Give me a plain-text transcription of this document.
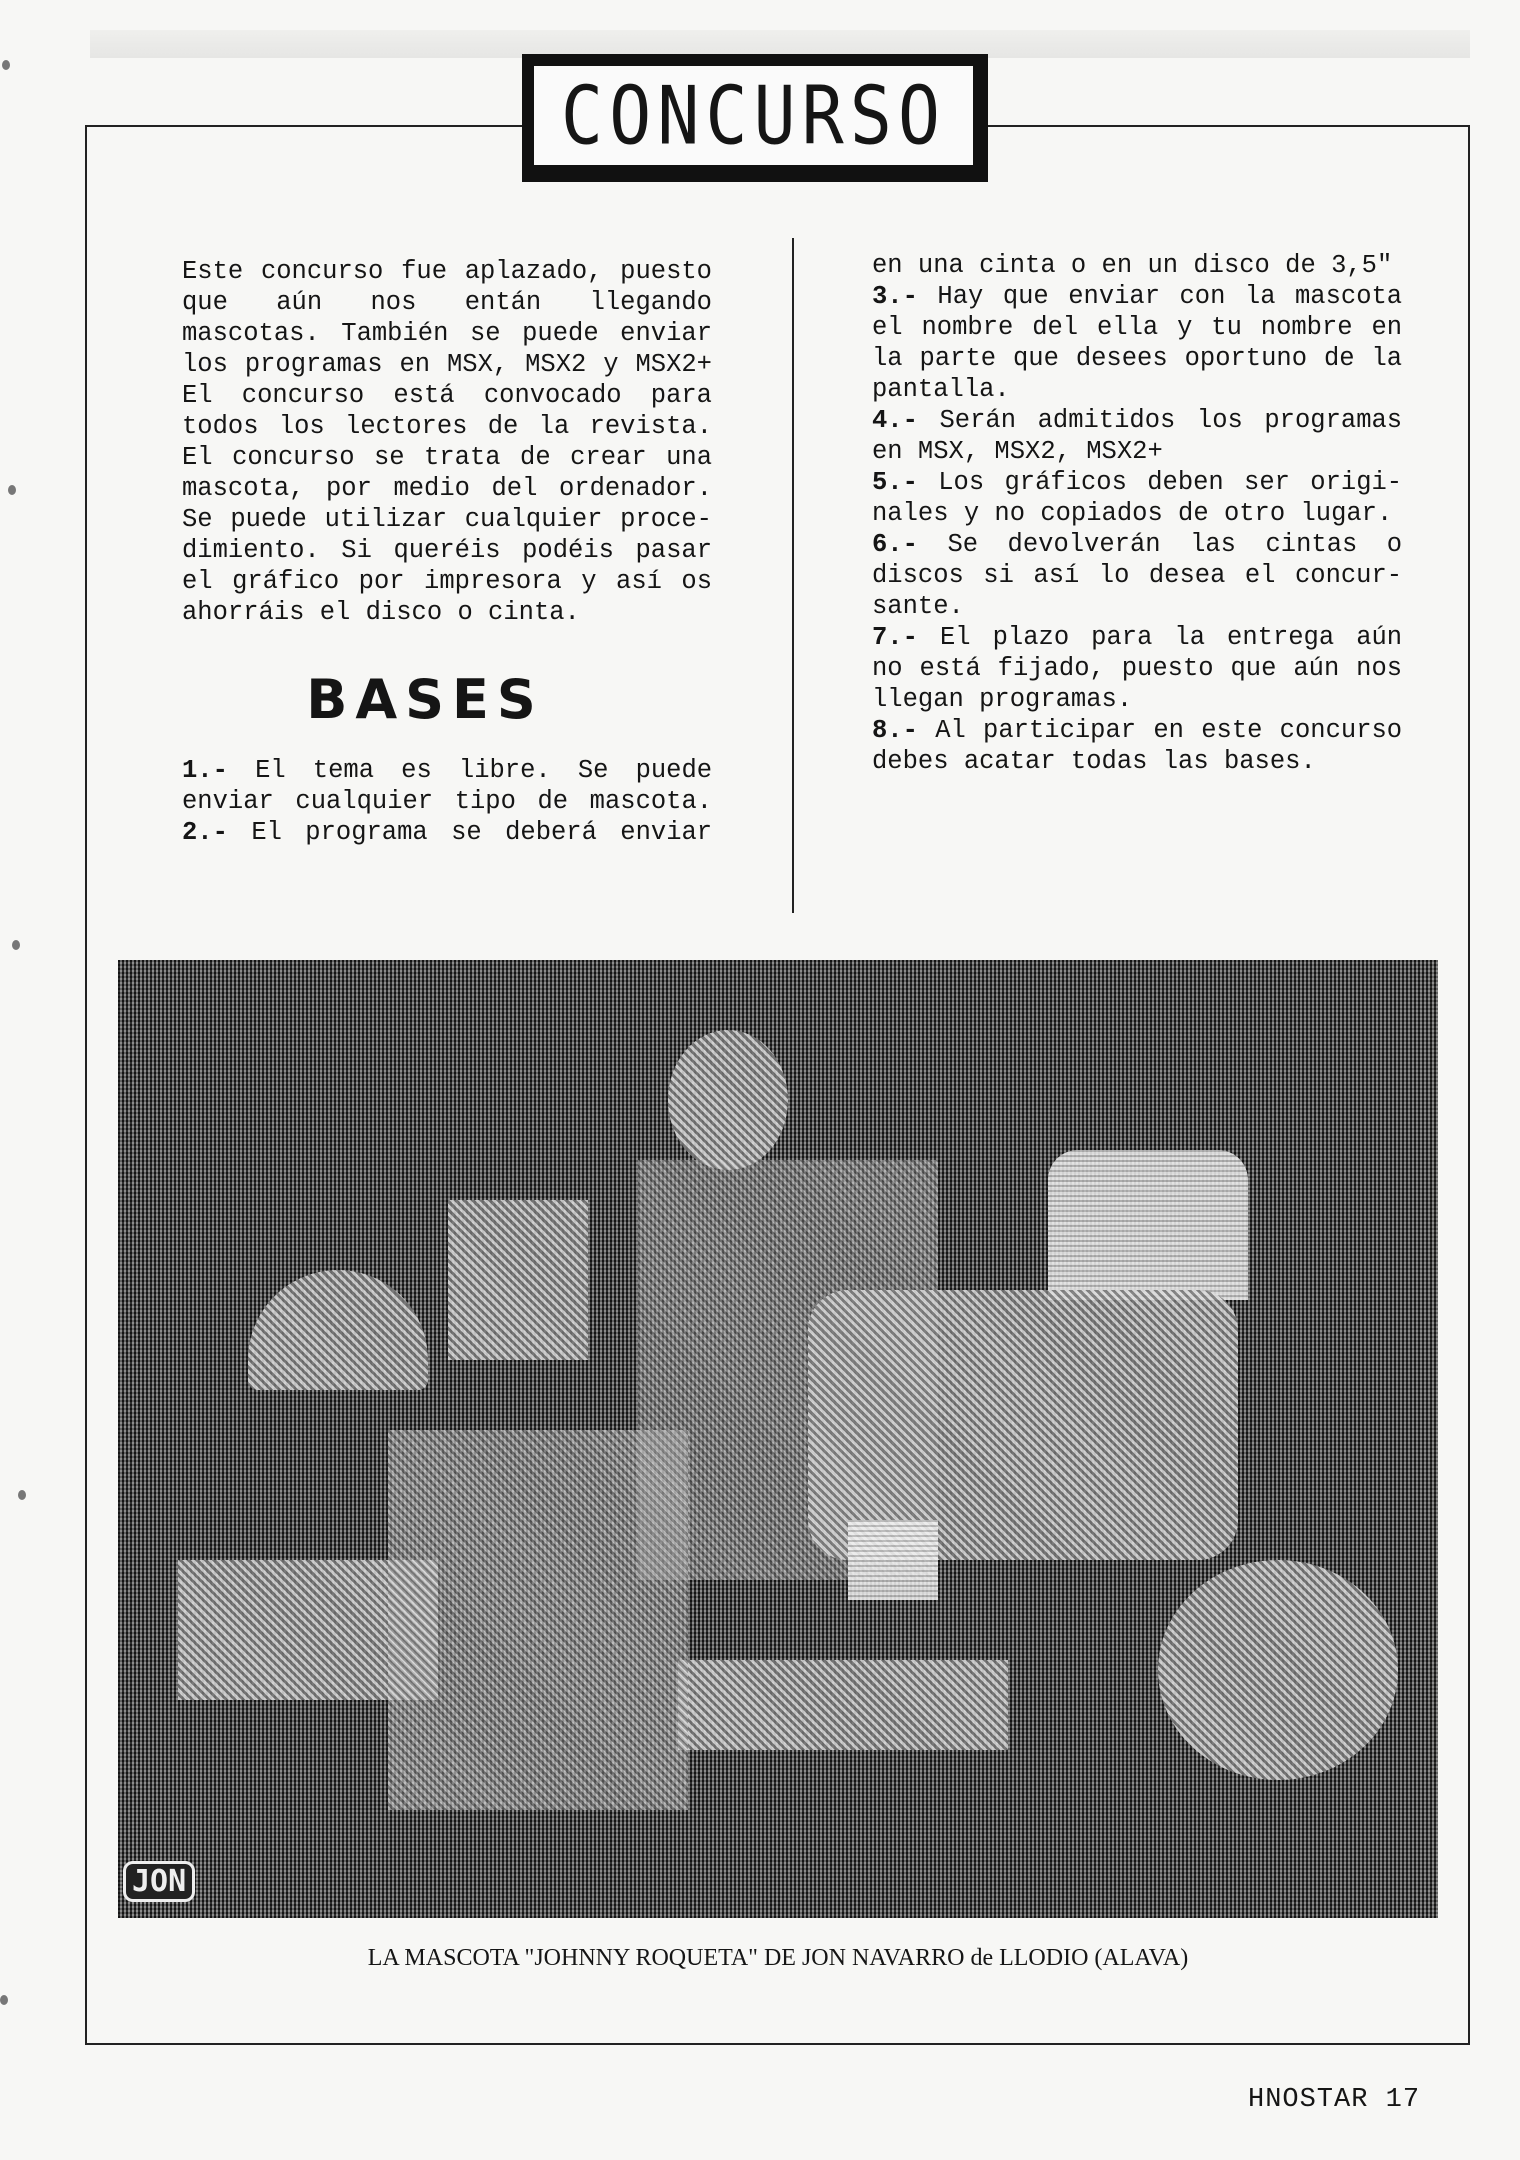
CONCURSO
Este concurso fue aplazado, puesto
que aún nos entán llegando
mascotas. También se puede enviar
los programas en MSX, MSX2 y MSX2+
El concurso está convocado para
todos los lectores de la revista.
El concurso se trata de crear una
mascota, por medio del ordenador.
Se puede utilizar cualquier proce-
dimiento. Si queréis podéis pasar
el gráfico por impresora y así os
ahorráis el disco o cinta.
BASES
1.- El tema es libre. Se puede
enviar cualquier tipo de mascota.
2.- El programa se deberá enviar
en una cinta o en un disco de 3,5"
3.- Hay que enviar con la mascota
el nombre del ella y tu nombre en
la parte que desees oportuno de la
pantalla.
4.- Serán admitidos los programas
en MSX, MSX2, MSX2+
5.- Los gráficos deben ser origi-
nales y no copiados de otro lugar.
6.- Se devolverán las cintas o
discos si así lo desea el concur-
sante.
7.- El plazo para la entrega aún
no está fijado, puesto que aún nos
llegan programas.
8.- Al participar en este concurso
debes acatar todas las bases.
JON
LA MASCOTA "JOHNNY ROQUETA" DE JON NAVARRO de LLODIO (ALAVA)
HNOSTAR 17
